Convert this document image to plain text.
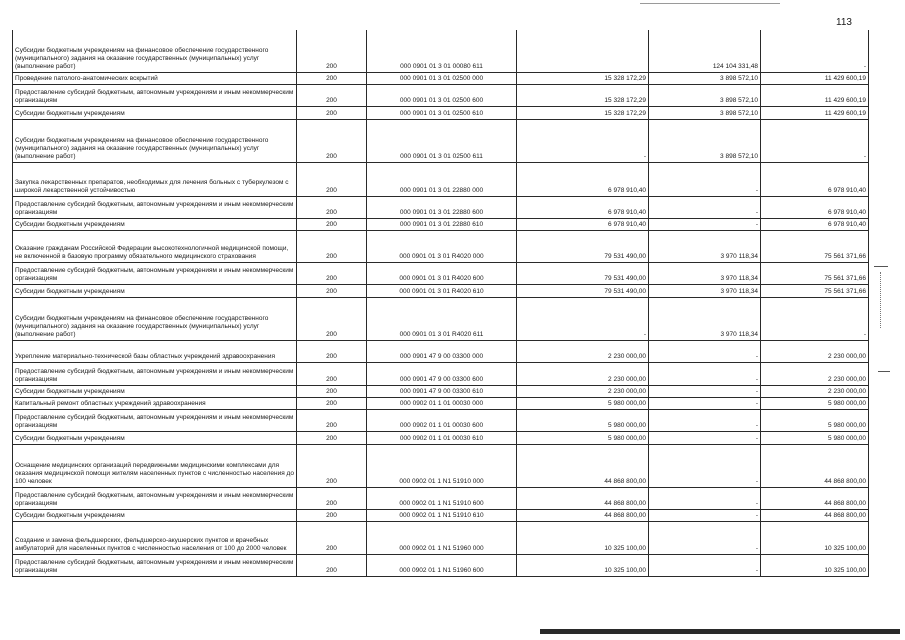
113
Субсидии бюджетным учреждениям на финансовое обеспечение государственного (муниципального) задания на оказание государственных (муниципальных) услуг (выполнение работ)	200	000 0901 01 3 01 00080 611		124 104 331,48	-
Проведение патолого-анатомических вскрытий	200	000 0901 01 3 01 02500 000	15 328 172,29	3 898 572,10	11 429 600,19
Предоставление субсидий бюджетным, автономным учреждениям и иным некоммерческим организациям	200	000 0901 01 3 01 02500 600	15 328 172,29	3 898 572,10	11 429 600,19
Субсидии бюджетным учреждениям	200	000 0901 01 3 01 02500 610	15 328 172,29	3 898 572,10	11 429 600,19
Субсидии бюджетным учреждениям на финансовое обеспечение государственного (муниципального) задания на оказание государственных (муниципальных) услуг (выполнение работ)	200	000 0901 01 3 01 02500 611	-	3 898 572,10	-
Закупка лекарственных препаратов, необходимых для лечения больных с туберкулезом с широкой лекарственной устойчивостью	200	000 0901 01 3 01 22880 000	6 978 910,40	-	6 978 910,40
Предоставление субсидий бюджетным, автономным учреждениям и иным некоммерческим организациям	200	000 0901 01 3 01 22880 600	6 978 910,40	-	6 978 910,40
Субсидии бюджетным учреждениям	200	000 0901 01 3 01 22880 610	6 978 910,40	-	6 978 910,40
Оказание гражданам Российской Федерации высокотехнологичной медицинской помощи, не включенной в базовую программу обязательного медицинского страхования	200	000 0901 01 3 01 R4020 000	79 531 490,00	3 970 118,34	75 561 371,66
Предоставление субсидий бюджетным, автономным учреждениям и иным некоммерческим организациям	200	000 0901 01 3 01 R4020 600	79 531 490,00	3 970 118,34	75 561 371,66
Субсидии бюджетным учреждениям	200	000 0901 01 3 01 R4020 610	79 531 490,00	3 970 118,34	75 561 371,66
Субсидии бюджетным учреждениям на финансовое обеспечение государственного (муниципального) задания на оказание государственных (муниципальных) услуг (выполнение работ)	200	000 0901 01 3 01 R4020 611	-	3 970 118,34	-
Укрепление материально-технической базы областных учреждений здравоохранения	200	000 0901 47 9 00 03300 000	2 230 000,00	-	2 230 000,00
Предоставление субсидий бюджетным, автономным учреждениям и иным некоммерческим организациям	200	000 0901 47 9 00 03300 600	2 230 000,00	-	2 230 000,00
Субсидии бюджетным учреждениям	200	000 0901 47 9 00 03300 610	2 230 000,00	-	2 230 000,00
Капитальный ремонт областных учреждений здравоохранения	200	000 0902 01 1 01 00030 000	5 980 000,00	-	5 980 000,00
Предоставление субсидий бюджетным, автономным учреждениям и иным некоммерческим организациям	200	000 0902 01 1 01 00030 600	5 980 000,00	-	5 980 000,00
Субсидии бюджетным учреждениям	200	000 0902 01 1 01 00030 610	5 980 000,00	-	5 980 000,00
Оснащение медицинских организаций передвижными медицинскими комплексами для оказания медицинской помощи жителям населенных пунктов с численностью населения до 100 человек	200	000 0902 01 1 N1 51910 000	44 868 800,00	-	44 868 800,00
Предоставление субсидий бюджетным, автономным учреждениям и иным некоммерческим организациям	200	000 0902 01 1 N1 51910 600	44 868 800,00	-	44 868 800,00
Субсидии бюджетным учреждениям	200	000 0902 01 1 N1 51910 610	44 868 800,00	-	44 868 800,00
Создание и замена фельдшерских, фельдшерско-акушерских пунктов и врачебных амбулаторий для населенных пунктов с численностью населения от 100 до 2000 человек	200	000 0902 01 1 N1 51960 000	10 325 100,00	-	10 325 100,00
Предоставление субсидий бюджетным, автономным учреждениям и иным некоммерческим организациям	200	000 0902 01 1 N1 51960 600	10 325 100,00	-	10 325 100,00
